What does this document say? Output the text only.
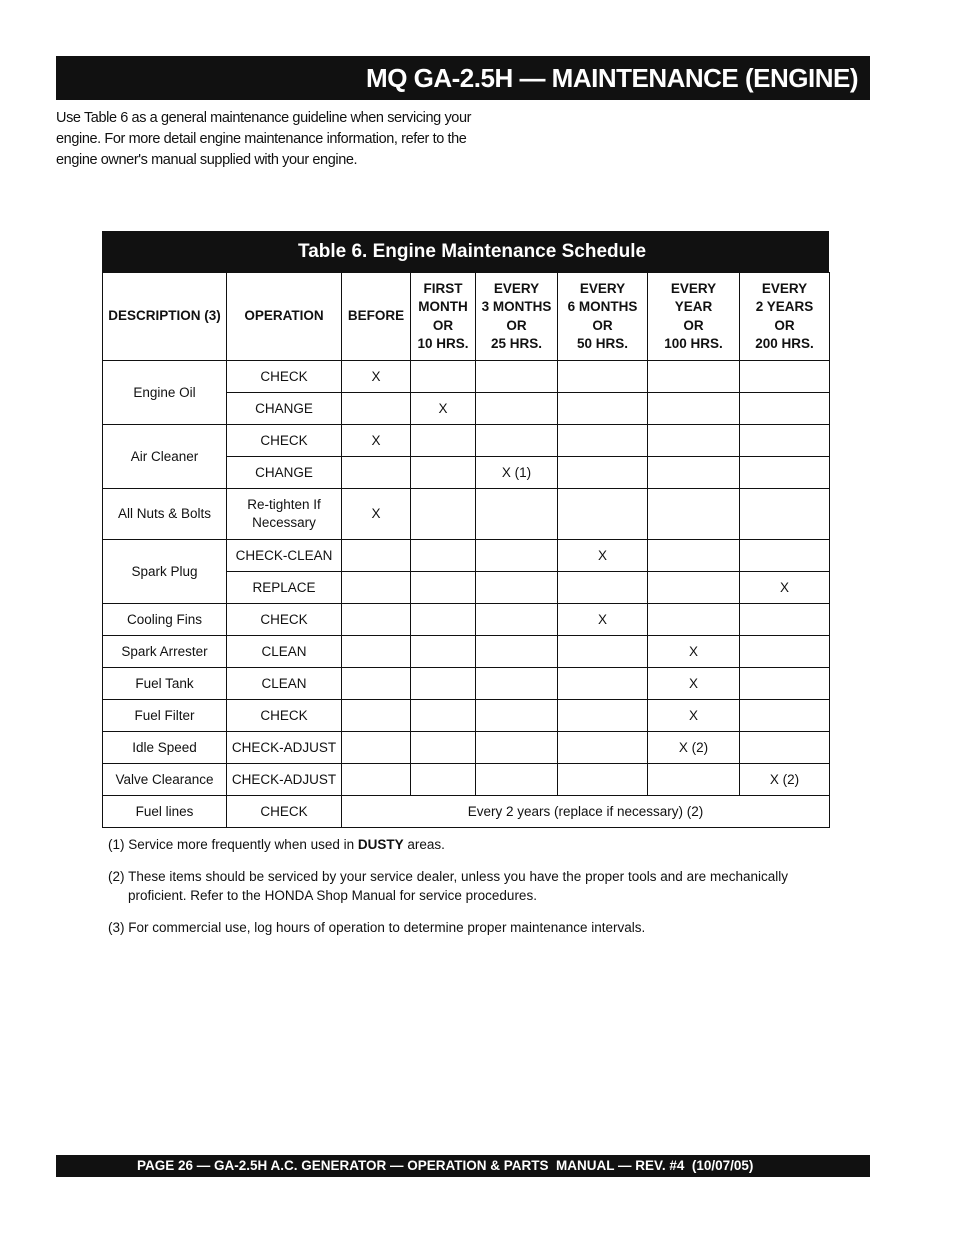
MQ GA-2.5H — MAINTENANCE (ENGINE)
Use Table 6 as a general maintenance guideline when servicing your engine. For more detail engine maintenance information, refer to the engine owner's manual supplied with your engine.
Table 6. Engine Maintenance Schedule
DESCRIPTION (3)	OPERATION	BEFORE	FIRST
MONTH
OR
10 HRS.	EVERY
3 MONTHS
OR
25 HRS.	EVERY
6 MONTHS
OR
50 HRS.	EVERY
YEAR
OR
100 HRS.	EVERY
2 YEARS
OR
200 HRS.

Engine Oil	CHECK	X					
	CHANGE		X				
Air Cleaner	CHECK	X					
	CHANGE			X (1)			
All Nuts & Bolts	Re-tighten If
Necessary	X					
Spark Plug	CHECK-CLEAN				X		
	REPLACE						X
Cooling Fins	CHECK				X		
Spark Arrester	CLEAN					X	
Fuel Tank	CLEAN					X	
Fuel Filter	CHECK					X	
Idle Speed	CHECK-ADJUST					X (2)	
Valve Clearance	CHECK-ADJUST						X (2)
Fuel lines	CHECK	Every 2 years (replace if necessary) (2)					

(1) Service more frequently when used in DUSTY areas.

(2) These items should be serviced by your service dealer, unless you have the proper tools and are mechanically proficient. Refer to the HONDA Shop Manual for service procedures.

(3) For commercial use, log hours of operation to determine proper maintenance intervals.

PAGE 26 — GA-2.5H A.C. GENERATOR — OPERATION & PARTS  MANUAL — REV. #4  (10/07/05)
